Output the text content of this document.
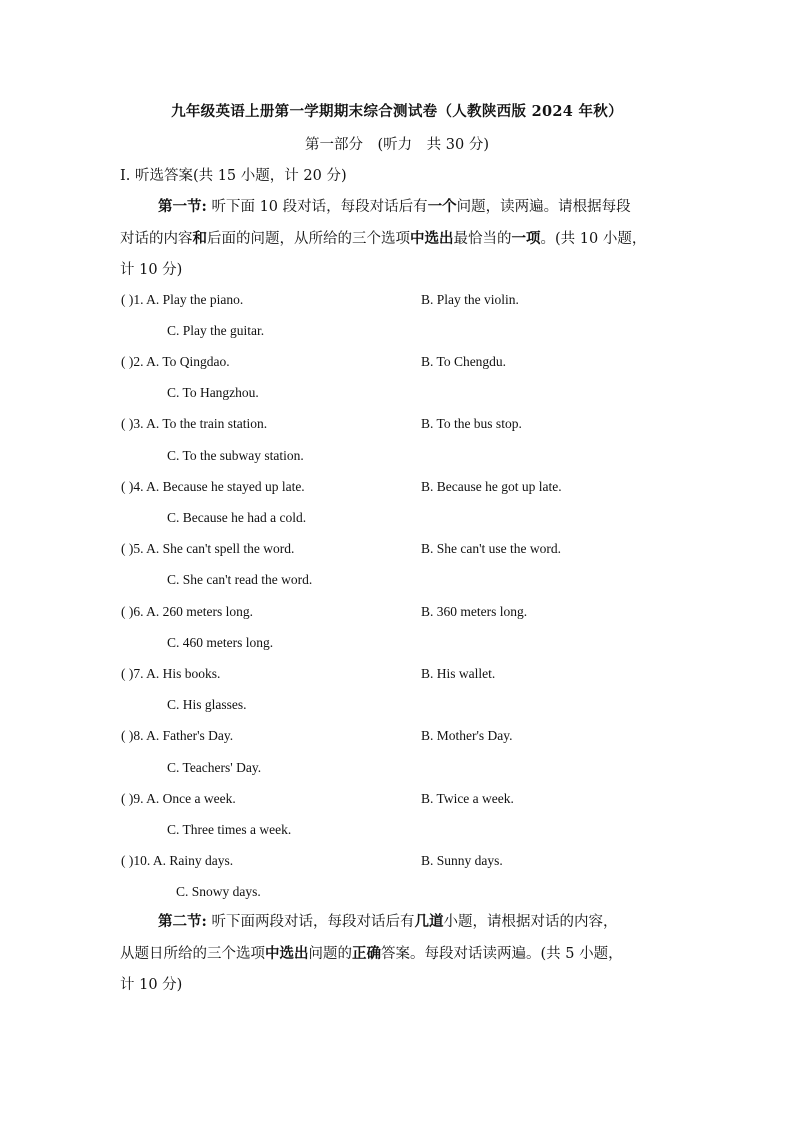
九年级英语上册第一学期期末综合测试卷（人教陕西版 2024 年秋）
第一部分　(听力　共 30 分)
Ⅰ. 听选答案(共 15 小题，计 20 分)
第一节: 听下面 10 段对话，每段对话后有一个问题，读两遍。请根据每段
对话的内容和后面的问题，从所给的三个选项中选出最恰当的一项。(共 10 小题，
计 10 分)
( )1. A. Play the piano.	B. Play the violin.
C. Play the guitar.
( )2. A. To Qingdao.	B. To Chengdu.
C. To Hangzhou.
( )3. A. To the train station.	B. To the bus stop.
C. To the subway station.
( )4. A. Because he stayed up late.	B. Because he got up late.
C. Because he had a cold.
( )5. A. She can't spell the word.	B. She can't use the word.
C. She can't read the word.
( )6. A. 260 meters long.	B. 360 meters long.
C. 460 meters long.
( )7. A. His books.	B. His wallet.
C. His glasses.
( )8. A. Father's Day.	B. Mother's Day.
C. Teachers' Day.
( )9. A. Once a week.	B. Twice a week.
C. Three times a week.
( )10. A. Rainy days.	B. Sunny days.
C. Snowy days.
第二节: 听下面两段对话，每段对话后有几道小题，请根据对话的内容，
从题日所给的三个选项中选出问题的正确答案。每段对话读两遍。(共 5 小题，
计 10 分)
